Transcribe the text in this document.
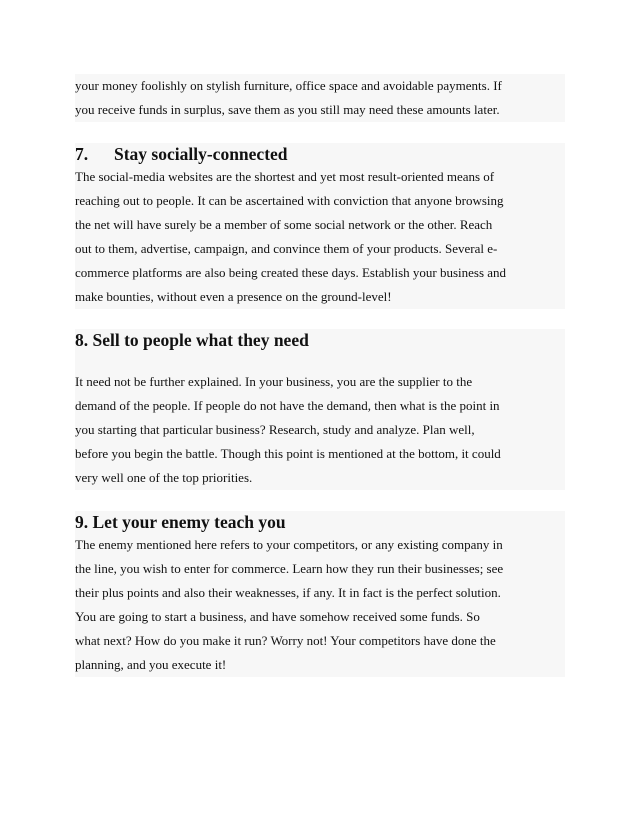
your money foolishly on stylish furniture, office space and avoidable payments. If
you receive funds in surplus, save them as you still may need these amounts later.

7. Stay socially-connected

The social-media websites are the shortest and yet most result-oriented means of
reaching out to people. It can be ascertained with conviction that anyone browsing
the net will have surely be a member of some social network or the other. Reach
out to them, advertise, campaign, and convince them of your products. Several e-
commerce platforms are also being created these days. Establish your business and
make bounties, without even a presence on the ground-level!

8. Sell to people what they need

It need not be further explained. In your business, you are the supplier to the
demand of the people. If people do not have the demand, then what is the point in
you starting that particular business? Research, study and analyze. Plan well,
before you begin the battle. Though this point is mentioned at the bottom, it could
very well one of the top priorities.

9. Let your enemy teach you

The enemy mentioned here refers to your competitors, or any existing company in
the line, you wish to enter for commerce. Learn how they run their businesses; see
their plus points and also their weaknesses, if any. It in fact is the perfect solution.
You are going to start a business, and have somehow received some funds. So
what next? How do you make it run? Worry not! Your competitors have done the
planning, and you execute it!
